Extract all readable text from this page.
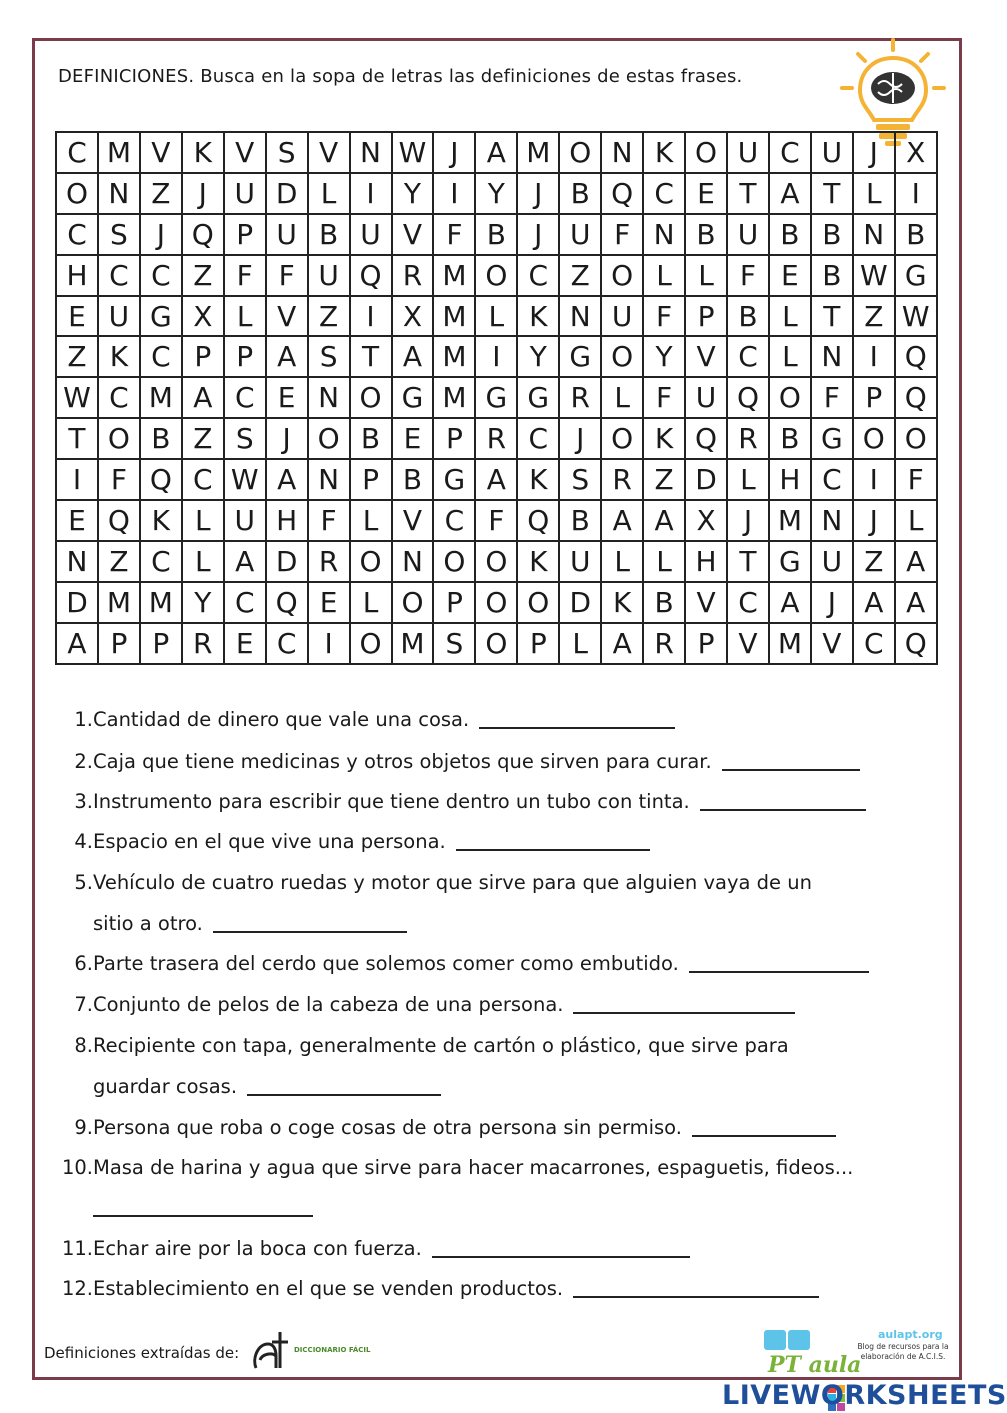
DEFINICIONES. Busca en la sopa de letras las definiciones de estas frases.
C M V K V S V N W J	A M O N K O U C U J	X
O N Z	J U D L	I	Y	I	Y	J	B Q C E T A T L	I
C S	J Q P U B U V F B	J U F N B U B B N B
H C C Z F F U Q R M O C Z O L L F E B W G
E U G X L V Z	I	X M L K N U F P B L T Z W
Z K C P P A S T A M I	Y G O Y V C L N I Q
W C M A C E N O G M G G R L F U Q O F P Q
T O B Z S	J O B E P R C	J O K Q R B G O O
I	F Q C W A N P B G A K S R Z D L H C	I	F
E Q K L U H F L V C F Q B A A X	J M N J	L
N Z C L A D R O N O O K U L L H T G U Z A
D M M Y C Q E L O P O O D K B V C A	J	A A
A P P R E C	I O M S O P L A R P V M V C Q
1. Cantidad de dinero que vale una cosa.
2. Caja que tiene medicinas y otros objetos que sirven para curar.
3. Instrumento para escribir que tiene dentro un tubo con tinta.
4. Espacio en el que vive una persona.
5. Vehículo de cuatro ruedas y motor que sirve para que alguien vaya de un
sitio a otro.
6. Parte trasera del cerdo que solemos comer como embutido.
7. Conjunto de pelos de la cabeza de una persona.
8. Recipiente con tapa, generalmente de cartón o plástico, que sirve para
guardar cosas.
9. Persona que roba o coge cosas de otra persona sin permiso.
10. Masa de harina y agua que sirve para hacer macarrones, espaguetis, fideos...
11. Echar aire por la boca con fuerza.
12. Establecimiento en el que se venden productos.
Definiciones extraídas de:	DICCIONARIO FÁCIL
PT aula
aulapt.org
Blog de recursos para la elaboración de A.C.I.S.
LIVEWORKSHEETS
